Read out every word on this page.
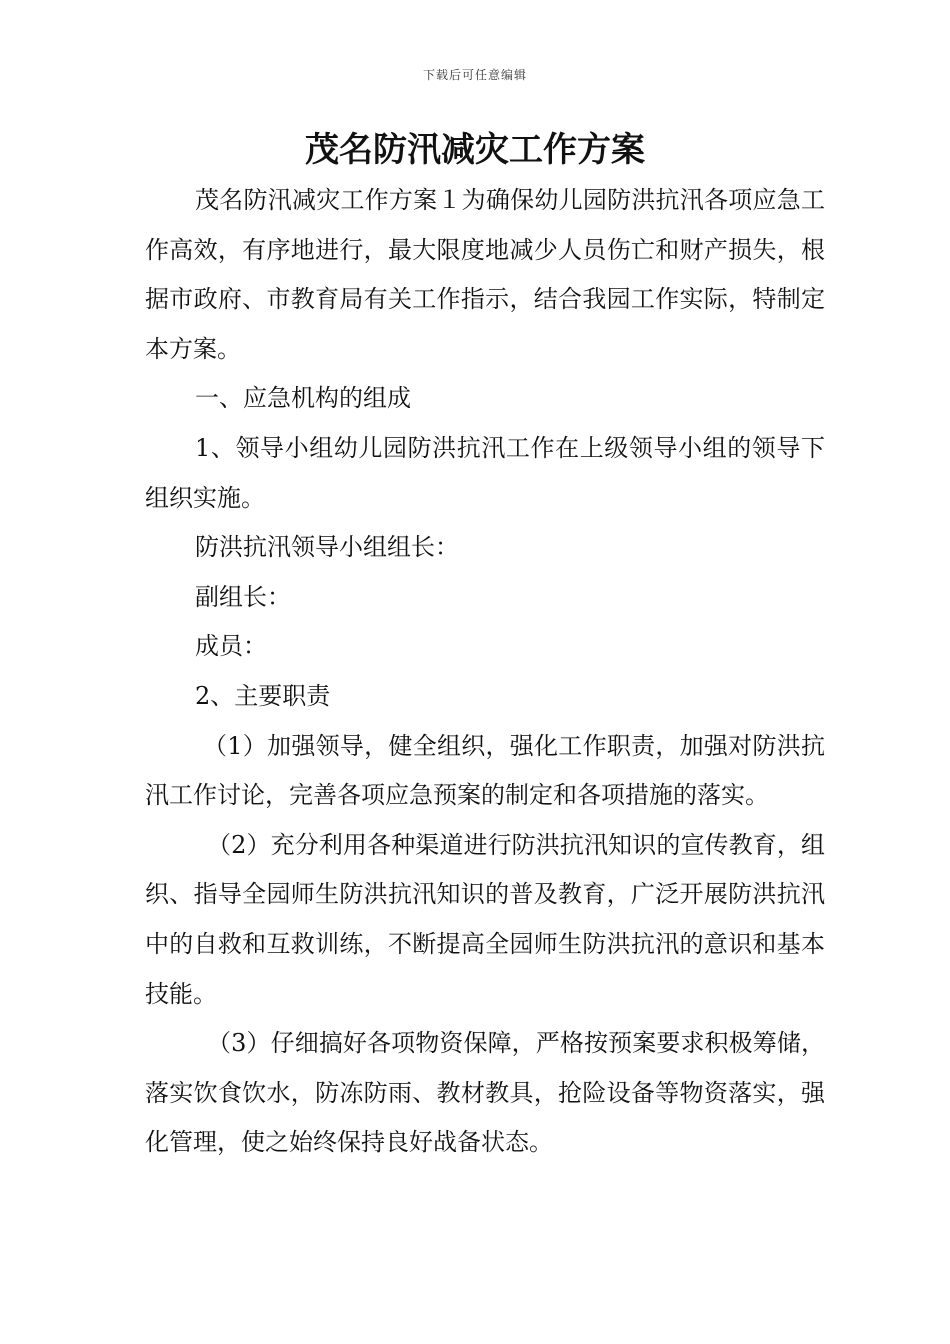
下载后可任意编辑
茂名防汛减灾工作方案

茂名防汛减灾工作方案１为确保幼儿园防洪抗汛各项应急工作高效，有序地进行，最大限度地减少人员伤亡和财产损失，根据市政府、市教育局有关工作指示，结合我园工作实际，特制定本方案。

一、应急机构的组成

1、领导小组幼儿园防洪抗汛工作在上级领导小组的领导下组织实施。

防洪抗汛领导小组组长：

副组长：

成员：

2、主要职责

（1）加强领导，健全组织，强化工作职责，加强对防洪抗汛工作讨论，完善各项应急预案的制定和各项措施的落实。

（2）充分利用各种渠道进行防洪抗汛知识的宣传教育，组织、指导全园师生防洪抗汛知识的普及教育，广泛开展防洪抗汛中的自救和互救训练，不断提高全园师生防洪抗汛的意识和基本技能。

（3）仔细搞好各项物资保障，严格按预案要求积极筹储，落实饮食饮水，防冻防雨、教材教具，抢险设备等物资落实，强化管理，使之始终保持良好战备状态。
